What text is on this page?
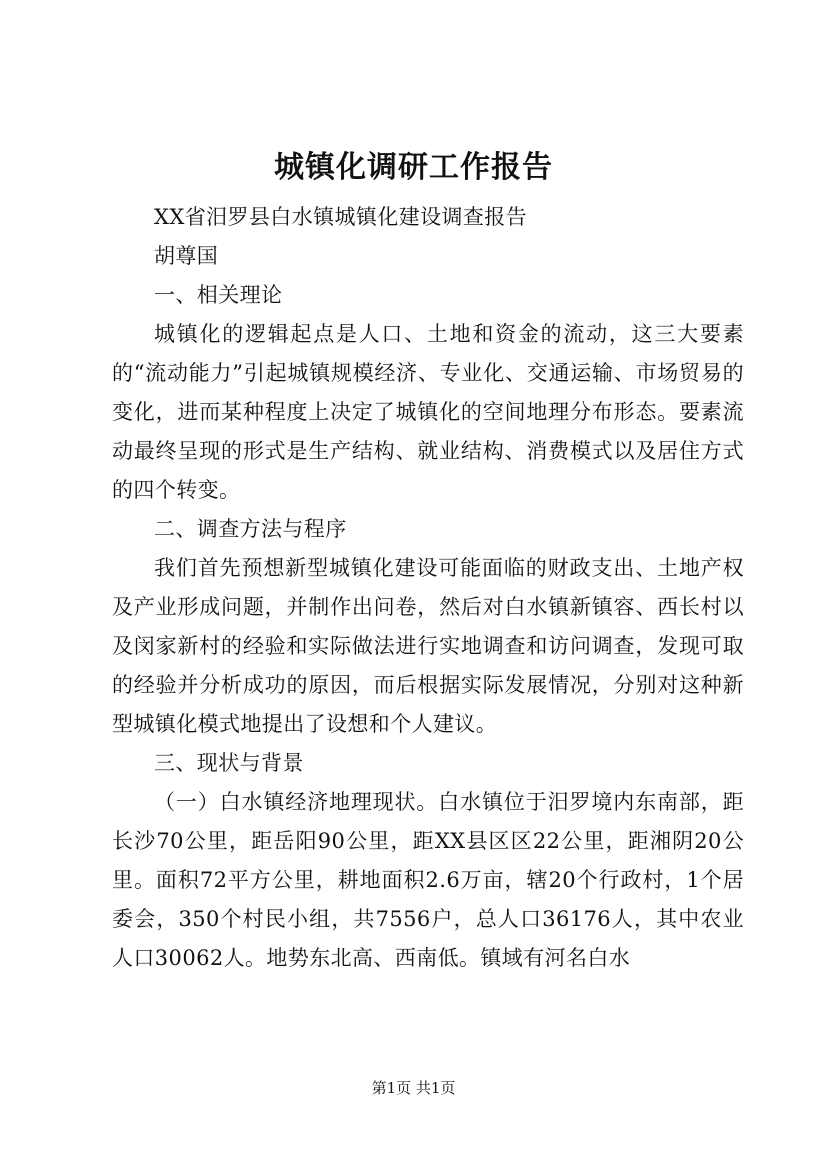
城镇化调研工作报告

XX省汨罗县白水镇城镇化建设调查报告

胡尊国

一、相关理论

城镇化的逻辑起点是人口、土地和资金的流动，这三大要素的“流动能力”引起城镇规模经济、专业化、交通运输、市场贸易的变化，进而某种程度上决定了城镇化的空间地理分布形态。要素流动最终呈现的形式是生产结构、就业结构、消费模式以及居住方式的四个转变。

二、调查方法与程序

我们首先预想新型城镇化建设可能面临的财政支出、土地产权及产业形成问题，并制作出问卷，然后对白水镇新镇容、西长村以及闵家新村的经验和实际做法进行实地调查和访问调查，发现可取的经验并分析成功的原因，而后根据实际发展情况，分别对这种新型城镇化模式地提出了设想和个人建议。

三、现状与背景

（一）白水镇经济地理现状。白水镇位于汨罗境内东南部，距长沙70公里，距岳阳90公里，距XX县区区22公里，距湘阴20公里。面积72平方公里，耕地面积2.6万亩，辖20个行政村，1个居委会，350个村民小组，共7556户，总人口36176人，其中农业人口30062人。地势东北高、西南低。镇域有河名白水

第1页 共1页
